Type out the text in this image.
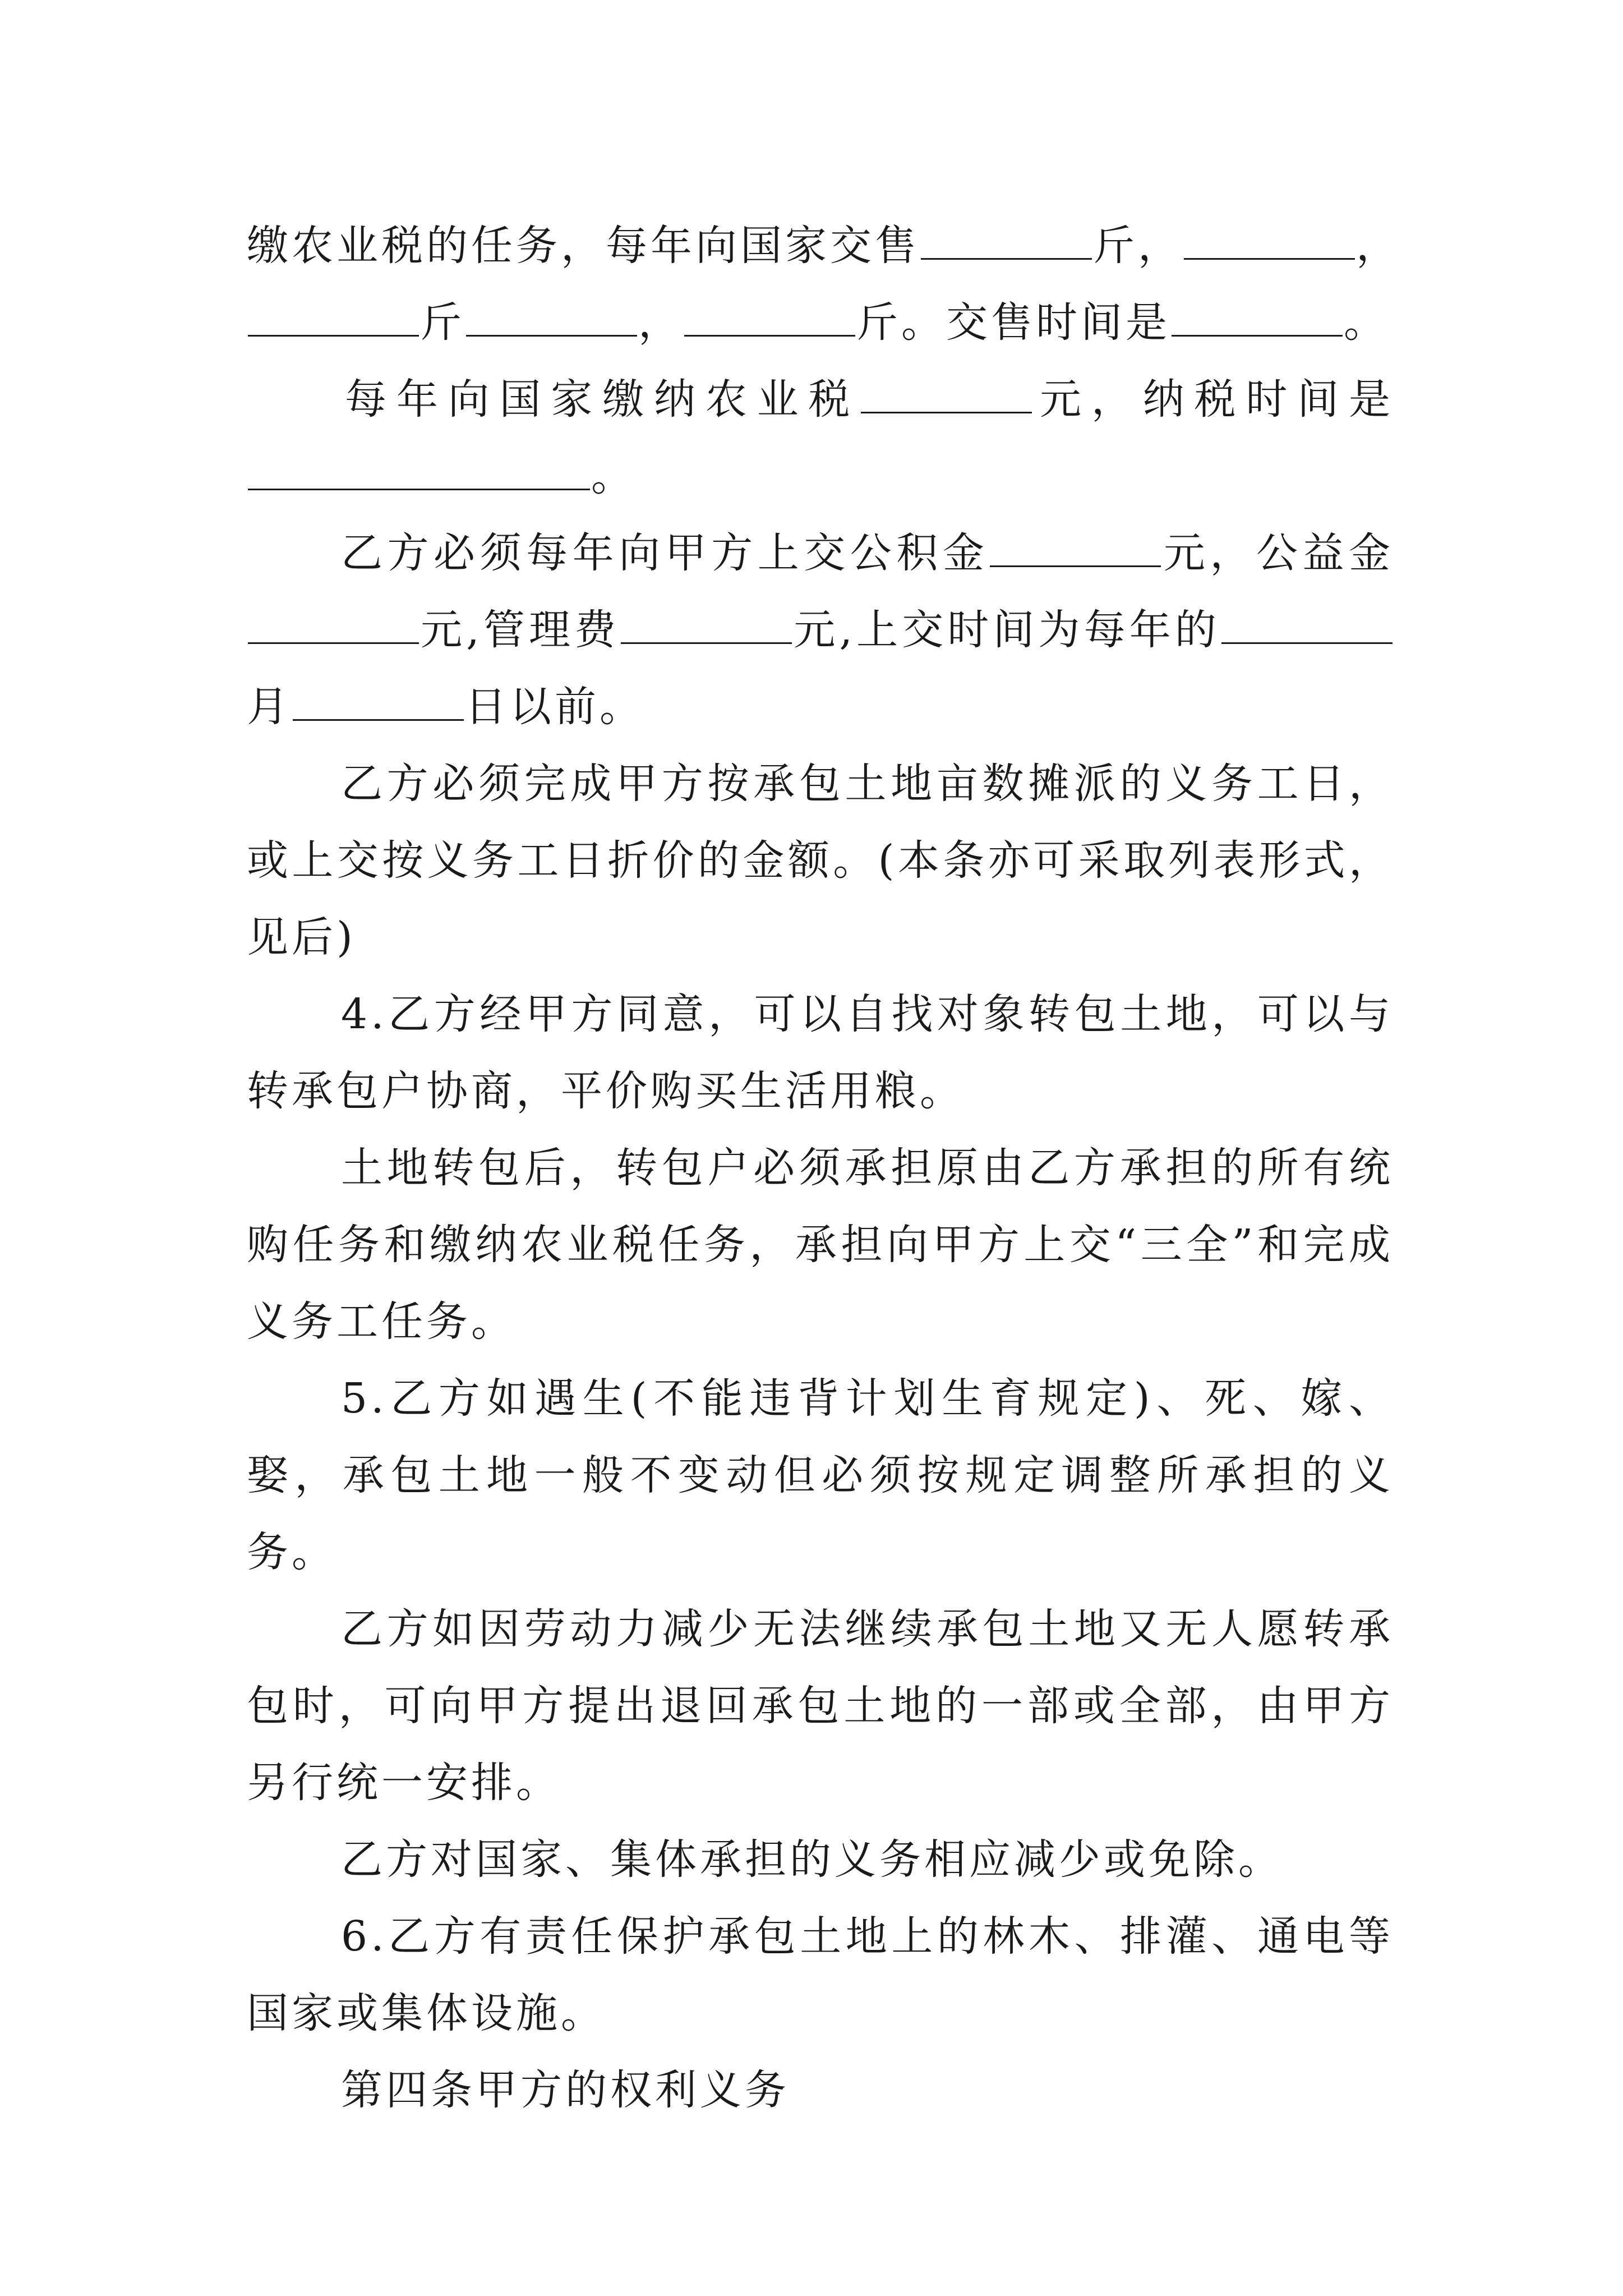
缴农业税的任务，每年向国家交售	斤，	，
斤	，	斤。交售时间是	。
每年向国家缴纳农业税	元，纳税时间是
。
乙方必须每年向甲方上交公积金	元，公益金
元,管理费	元,上交时间为每年的
月	日以前。

乙方必须完成甲方按承包土地亩数摊派的义务工日，或上交按义务工日折价的金额。(本条亦可采取列表形式，见后)

4.乙方经甲方同意，可以自找对象转包土地，可以与转承包户协商，平价购买生活用粮。

土地转包后，转包户必须承担原由乙方承担的所有统购任务和缴纳农业税任务，承担向甲方上交“三全”和完成义务工任务。

5.乙方如遇生(不能违背计划生育规定)、死、嫁、娶，承包土地一般不变动但必须按规定调整所承担的义务。

乙方如因劳动力减少无法继续承包土地又无人愿转承包时，可向甲方提出退回承包土地的一部或全部，由甲方另行统一安排。

乙方对国家、集体承担的义务相应减少或免除。

6.乙方有责任保护承包土地上的林木、排灌、通电等国家或集体设施。

第四条甲方的权利义务
